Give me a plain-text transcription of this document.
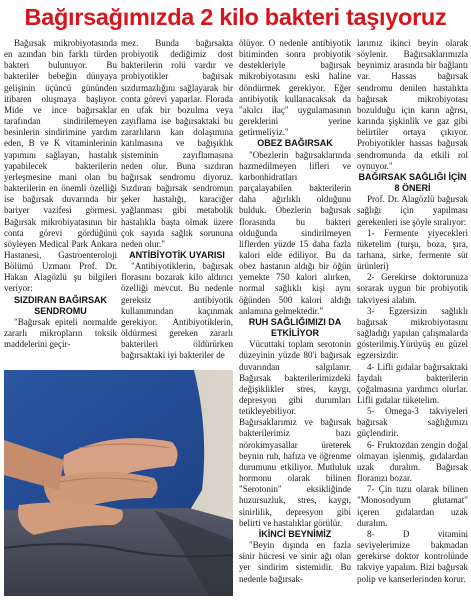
Bağırsağımızda 2 kilo bakteri taşıyoruz

Bağırsak mikrobiyotasında en azından bin farklı türden bakteri bulunuyor. Bu bakteriler bebeğin dünyaya gelişinin üçüncü gününden itibaren oluşmaya başlıyor. Mide ve ince bağırsaklar tarafından sindirilemeyen besinlerin sindirimine yardım eden, B ve K vitaminlerinin yapımını sağlayan, hastalık yapabilecek bakterilerin yerleşmesine mani olan bu bakterilerin en önemli özelliği ise bağırsak duvarında bir bariyer vazifesi görmesi. Bağırsak mikrobiyatasının bir conta görevi gördüğünü söyleyen Medical Park Ankara Hastanesi, Gastroenteroloji Bölümü Uzmanı Prof. Dr. Hakan Alagözlü şu bilgileri veriyor:

SIZDIRAN BAĞIRSAK SENDROMU

"Bağırsak epiteli normalde zararlı mikropların toksik maddelerini geçir-

mez. Bunda bağırsakta probiyotik dediğimiz dost bakterilerin rolü vardır ve probiyotikler bağırsak sızdırmazlığını sağlayarak bir conta görevi yaparlar. Florada en ufak bir bozulma veya zayıflama ise bağırsaktaki bu zararlıların kan dolaşımına katılmasına ve bağışıklık sisteminin zayıflamasına neden olur. Buna sızdıran bağırsak sendromu diyoruz. Sızdıran bağırsak sendromun şeker hastalığı, karaciğer yağlanması gibi metabolik hastalıkla başta olmak üzere çok sayıda sağlık sorununa neden olur."

ANTİBİYOTİK UYARISI

"Antibiyotiklerin, bağırsak florasını bozarak kilo aldırıcı özelliği mevcut. Bu nedenle gereksiz antibiyotik kullanımından kaçınmak gerekiyor. Antibiyotiklerin, öldürmesi gereken zararlı bakterileri öldürürken bağırsaktaki iyi bakteriler de

ölüyor. O nedenle antibiyotik bitiminden sonra probiyotik destekleriyle bağırsak mikrobiyotasını eski haline döndürmek gerekiyor. Eğer antibiyotik kullanacaksak da "akılcı ilaç" uygulamasının gereklerini yerine getirmeliyiz."

OBEZ BAĞIRSAK

"Obezlerin bağırsaklarında hazmedilmeyen lifleri ve karbonhidratları parçalayabilen bakterilerin daha ağırlıklı olduğunu bulduk. Obezlerin bağırsak florasında bu bakteri olduğunda sindirilmeyen liflerden yüzde 15 daha fazla kalori elde ediliyor. Bu da obez hastanın aldığı bir öğün yemekte 750 kalori alırken, normal sağlıklı kişi aynı öğünden 500 kalori aldığı anlamına gelmektedir."

RUH SAĞLIĞIMIZI DA ETKİLİYOR

Vücuttaki toplam serotonin düzeyinin yüzde 80'i bağırsak duvarından salgılanır. Bağırsak bakterilerimizdeki değişiklikler stres, kaygı, depresyon gibi durumları tetikleyebiliyor. Bağırsaklarımız ve bağırsak bakterilerimiz bazı nörokimyasallar üreterek beynin ruh, hafıza ve öğrenme durumunu etkiliyor. Mutluluk hormonu olarak bilinen "Serotonin" eksikliğinde huzursuzluk, stres, kaygı, sinirlilik, depresyon gibi belirti ve hastalıklar görülür.

İKİNCİ BEYNİMİZ

"Beyin dışında en fazla sinir hücresi ve sinir ağı olan yer sindirim sistemidir. Bu nedenle bağırsak-

larımız ikinci beyin olarak söylenir. Bağırsaklarımızla beynimiz arasında bir bağlantı var. Hassas bağırsak sendromu denilen hastalıkta bağırsak mikrobiyotası bozulduğu için karın ağrısı, karında şişkinlik ve gaz gibi belirtiler ortaya çıkıyor. Probiyotikler hassas bağırsak sendromunda da etkili rol oynuyor."

BAĞIRSAK SAĞLIĞI İÇİN 8 ÖNERİ

Prof. Dr. Alagözlü bağırsak sağlığı için yapılması gerekenleri ise şöyle sıralıyor:

1- Fermente yiyecekleri tüketelim (turşu, boza, şıra, tarhana, sirke, fermente süt ürünleri)

2- Gerekirse doktorunuza sorarak uygun bir probiyotik takviyesi alalım.

3- Egzersizin sağlıklı bağırsak mikrobiyotasını sağladığı yapılan çalışmalarda gösterilmiş.Yürüyüş en güzel egzersizdir.

4- Lifli gıdalar bağırsaktaki faydalı bakterilerin çoğalmasına yardımcı olurlar. Lifli gıdalar tüketelim.

5- Omega-3 takviyeleri bağırsak sağlığımızı güçlendirir.

6- Fruktozdan zengin doğal olmayan işlenmiş, gıdalardan uzak duralım. Bağırsak floranızı bozar.

7- Çin tuzu olarak bilinen "Monosodyum glutamat" içeren gıdalardan uzak duralım.

8- D vitamini seviyelerimize bakmadan gerekirse doktor kontrolünde takviye yapalım. Bizi bağırsak polip ve kanserlerinden korur.
